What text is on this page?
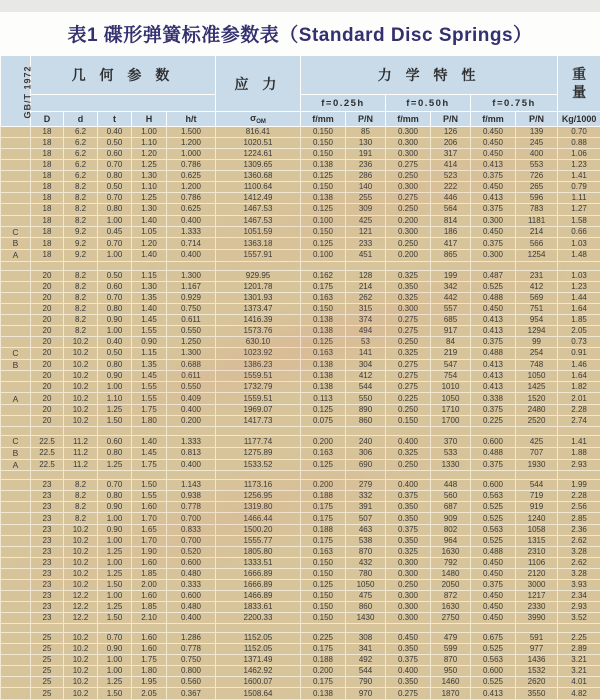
表1 碟形弹簧标准参数表（Standard Disc Springs）
GB/T 1972	几 何 参 数					应 力	力 学 特 性						重
量
							f=0.25h		f=0.50h		f=0.75h		
	D	d	t	H	h/t	$\sigma_{OM}$	f/mm	P/N	f/mm	P/N	f/mm	P/N	Kg/1000
	18	6.2	0.40	1.00	1.500	816.41	0.150	85	0.300	126	0.450	139	0.70
	18	6.2	0.50	1.10	1.200	1020.51	0.150	130	0.300	206	0.450	245	0.88
	18	6.2	0.60	1.20	1.000	1224.61	0.150	191	0.300	317	0.450	400	1.06
	18	6.2	0.70	1.25	0.786	1309.65	0.138	236	0.275	414	0.413	553	1.23
	18	6.2	0.80	1.30	0.625	1360.68	0.125	286	0.250	523	0.375	726	1.41
	18	8.2	0.50	1.10	1.200	1100.64	0.150	140	0.300	222	0.450	265	0.79
	18	8.2	0.70	1.25	0.786	1412.49	0.138	255	0.275	446	0.413	596	1.11
	18	8.2	0.80	1.30	0.625	1467.53	0.125	309	0.250	564	0.375	783	1.27
	18	8.2	1.00	1.40	0.400	1467.53	0.100	425	0.200	814	0.300	1181	1.58
C	18	9.2	0.45	1.05	1.333	1051.59	0.150	121	0.300	186	0.450	214	0.66
B	18	9.2	0.70	1.20	0.714	1363.18	0.125	233	0.250	417	0.375	566	1.03
A	18	9.2	1.00	1.40	0.400	1557.91	0.100	451	0.200	865	0.300	1254	1.48

	20	8.2	0.50	1.15	1.300	929.95	0.162	128	0.325	199	0.487	231	1.03
	20	8.2	0.60	1.30	1.167	1201.78	0.175	214	0.350	342	0.525	412	1.23
	20	8.2	0.70	1.35	0.929	1301.93	0.163	262	0.325	442	0.488	569	1.44
	20	8.2	0.80	1.40	0.750	1373.47	0.150	315	0.300	557	0.450	751	1.64
	20	8.2	0.90	1.45	0.611	1416.39	0.138	374	0.275	685	0.413	954	1.85
	20	8.2	1.00	1.55	0.550	1573.76	0.138	494	0.275	917	0.413	1294	2.05
	20	10.2	0.40	0.90	1.250	630.10	0.125	53	0.250	84	0.375	99	0.73
C	20	10.2	0.50	1.15	1.300	1023.92	0.163	141	0.325	219	0.488	254	0.91
B	20	10.2	0.80	1.35	0.688	1386.23	0.138	304	0.275	547	0.413	748	1.46
	20	10.2	0.90	1.45	0.611	1559.51	0.138	412	0.275	754	0.413	1050	1.64
	20	10.2	1.00	1.55	0.550	1732.79	0.138	544	0.275	1010	0.413	1425	1.82
A	20	10.2	1.10	1.55	0.409	1559.51	0.113	550	0.225	1050	0.338	1520	2.01
	20	10.2	1.25	1.75	0.400	1969.07	0.125	890	0.250	1710	0.375	2480	2.28
	20	10.2	1.50	1.80	0.200	1417.73	0.075	860	0.150	1700	0.225	2520	2.74

C	22.5	11.2	0.60	1.40	1.333	1177.74	0.200	240	0.400	370	0.600	425	1.41
B	22.5	11.2	0.80	1.45	0.813	1275.89	0.163	306	0.325	533	0.488	707	1.88
A	22.5	11.2	1.25	1.75	0.400	1533.52	0.125	690	0.250	1330	0.375	1930	2.93

	23	8.2	0.70	1.50	1.143	1173.16	0.200	279	0.400	448	0.600	544	1.99
	23	8.2	0.80	1.55	0.938	1256.95	0.188	332	0.375	560	0.563	719	2.28
	23	8.2	0.90	1.60	0.778	1319.80	0.175	391	0.350	687	0.525	919	2.56
	23	8.2	1.00	1.70	0.700	1466.44	0.175	507	0.350	909	0.525	1240	2.85
	23	10.2	0.90	1.65	0.833	1500.20	0.188	463	0.375	802	0.563	1058	2.36
	23	10.2	1.00	1.70	0.700	1555.77	0.175	538	0.350	964	0.525	1315	2.62
	23	10.2	1.25	1.90	0.520	1805.80	0.163	870	0.325	1630	0.488	2310	3.28
	23	10.2	1.00	1.60	0.600	1333.51	0.150	432	0.300	792	0.450	1106	2.62
	23	10.2	1.25	1.85	0.480	1666.89	0.150	780	0.300	1480	0.450	2120	3.28
	23	10.2	1.50	2.00	0.333	1666.89	0.125	1050	0.250	2050	0.375	3000	3.93
	23	12.2	1.00	1.60	0.600	1466.89	0.150	475	0.300	872	0.450	1217	2.34
	23	12.2	1.25	1.85	0.480	1833.61	0.150	860	0.300	1630	0.450	2330	2.93
	23	12.2	1.50	2.10	0.400	2200.33	0.150	1430	0.300	2750	0.450	3990	3.52

	25	10.2	0.70	1.60	1.286	1152.05	0.225	308	0.450	479	0.675	591	2.25
	25	10.2	0.90	1.60	0.778	1152.05	0.175	341	0.350	599	0.525	977	2.89
	25	10.2	1.00	1.75	0.750	1371.49	0.188	492	0.375	870	0.563	1436	3.21
	25	10.2	1.00	1.80	0.800	1462.92	0.200	544	0.400	950	0.600	1532	3.21
	25	10.2	1.25	1.95	0.560	1600.07	0.175	790	0.350	1460	0.525	2620	4.01
	25	10.2	1.50	2.05	0.367	1508.64	0.138	970	0.275	1870	0.413	3550	4.82
